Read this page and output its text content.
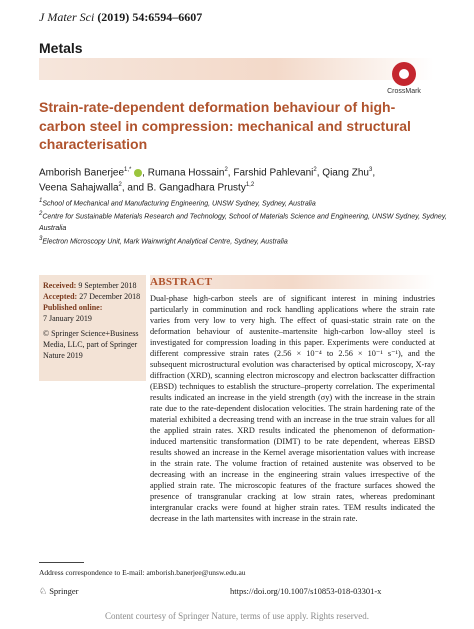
J Mater Sci (2019) 54:6594–6607
Metals
CrossMark
Strain-rate-dependent deformation behaviour of high-carbon steel in compression: mechanical and structural characterisation
Amborish Banerjee$^{1,*}$ , Rumana Hossain$^2$, Farshid Pahlevani$^2$, Qiang Zhu$^3$,
Veena Sahajwalla$^2$, and B. Gangadhara Prusty$^{1,2}$
$^1$School of Mechanical and Manufacturing Engineering, UNSW Sydney, Sydney, Australia
$^2$Centre for Sustainable Materials Research and Technology, School of Materials Science and Engineering, UNSW Sydney, Sydney,
Australia
$^3$Electron Microscopy Unit, Mark Wainwright Analytical Centre, Sydney, Australia

Received: 9 September 2018

Accepted: 27 December 2018

Published online:

7 January 2019

© Springer Science+Business Media, LLC, part of Springer Nature 2019

ABSTRACT
Dual-phase high-carbon steels are of significant interest in mining industries particularly in comminution and rock handling applications where the strain rate varies from very low to very high. The effect of quasi-static strain rate on the deformation behaviour of austenite–martensite high-carbon low-alloy steel is investigated for compression loading in this paper. Experiments were conducted at different compressive strain rates (2.56 × 10⁻⁴ to 2.56 × 10⁻¹ s⁻¹), and the subsequent microstructural evolution was characterised by optical microscopy, X-ray diffraction (XRD), scanning electron microscopy and electron backscatter diffraction (EBSD) techniques to establish the structure–property correlation. The experimental results indicated an increase in the yield strength (σy) with the increase in the strain rate due to the rate-dependent dislocation velocities. The strain hardening rate of the material exhibited a decreasing trend with an increase in the true strain values for all the applied strain rates. XRD results indicated the phenomenon of deformation-induced martensitic transformation (DIMT) to be rate dependent, whereas EBSD results showed an increase in the Kernel average misorientation values with increase in the strain rate. The volume fraction of retained austenite was observed to be decreasing with an increase in the engineering strain values irrespective of the applied strain rate. The microscopic features of the fracture surfaces showed the presence of transgranular cracking at low strain rates, whereas predominant intergranular cracks were found at higher strain rates. TEM results indicated the decrease in the lath martensites with increase in the strain rate.
Address correspondence to E-mail: amborish.banerjee@unsw.edu.au
♘ Springer	https://doi.org/10.1007/s10853-018-03301-x
Content courtesy of Springer Nature, terms of use apply. Rights reserved.
